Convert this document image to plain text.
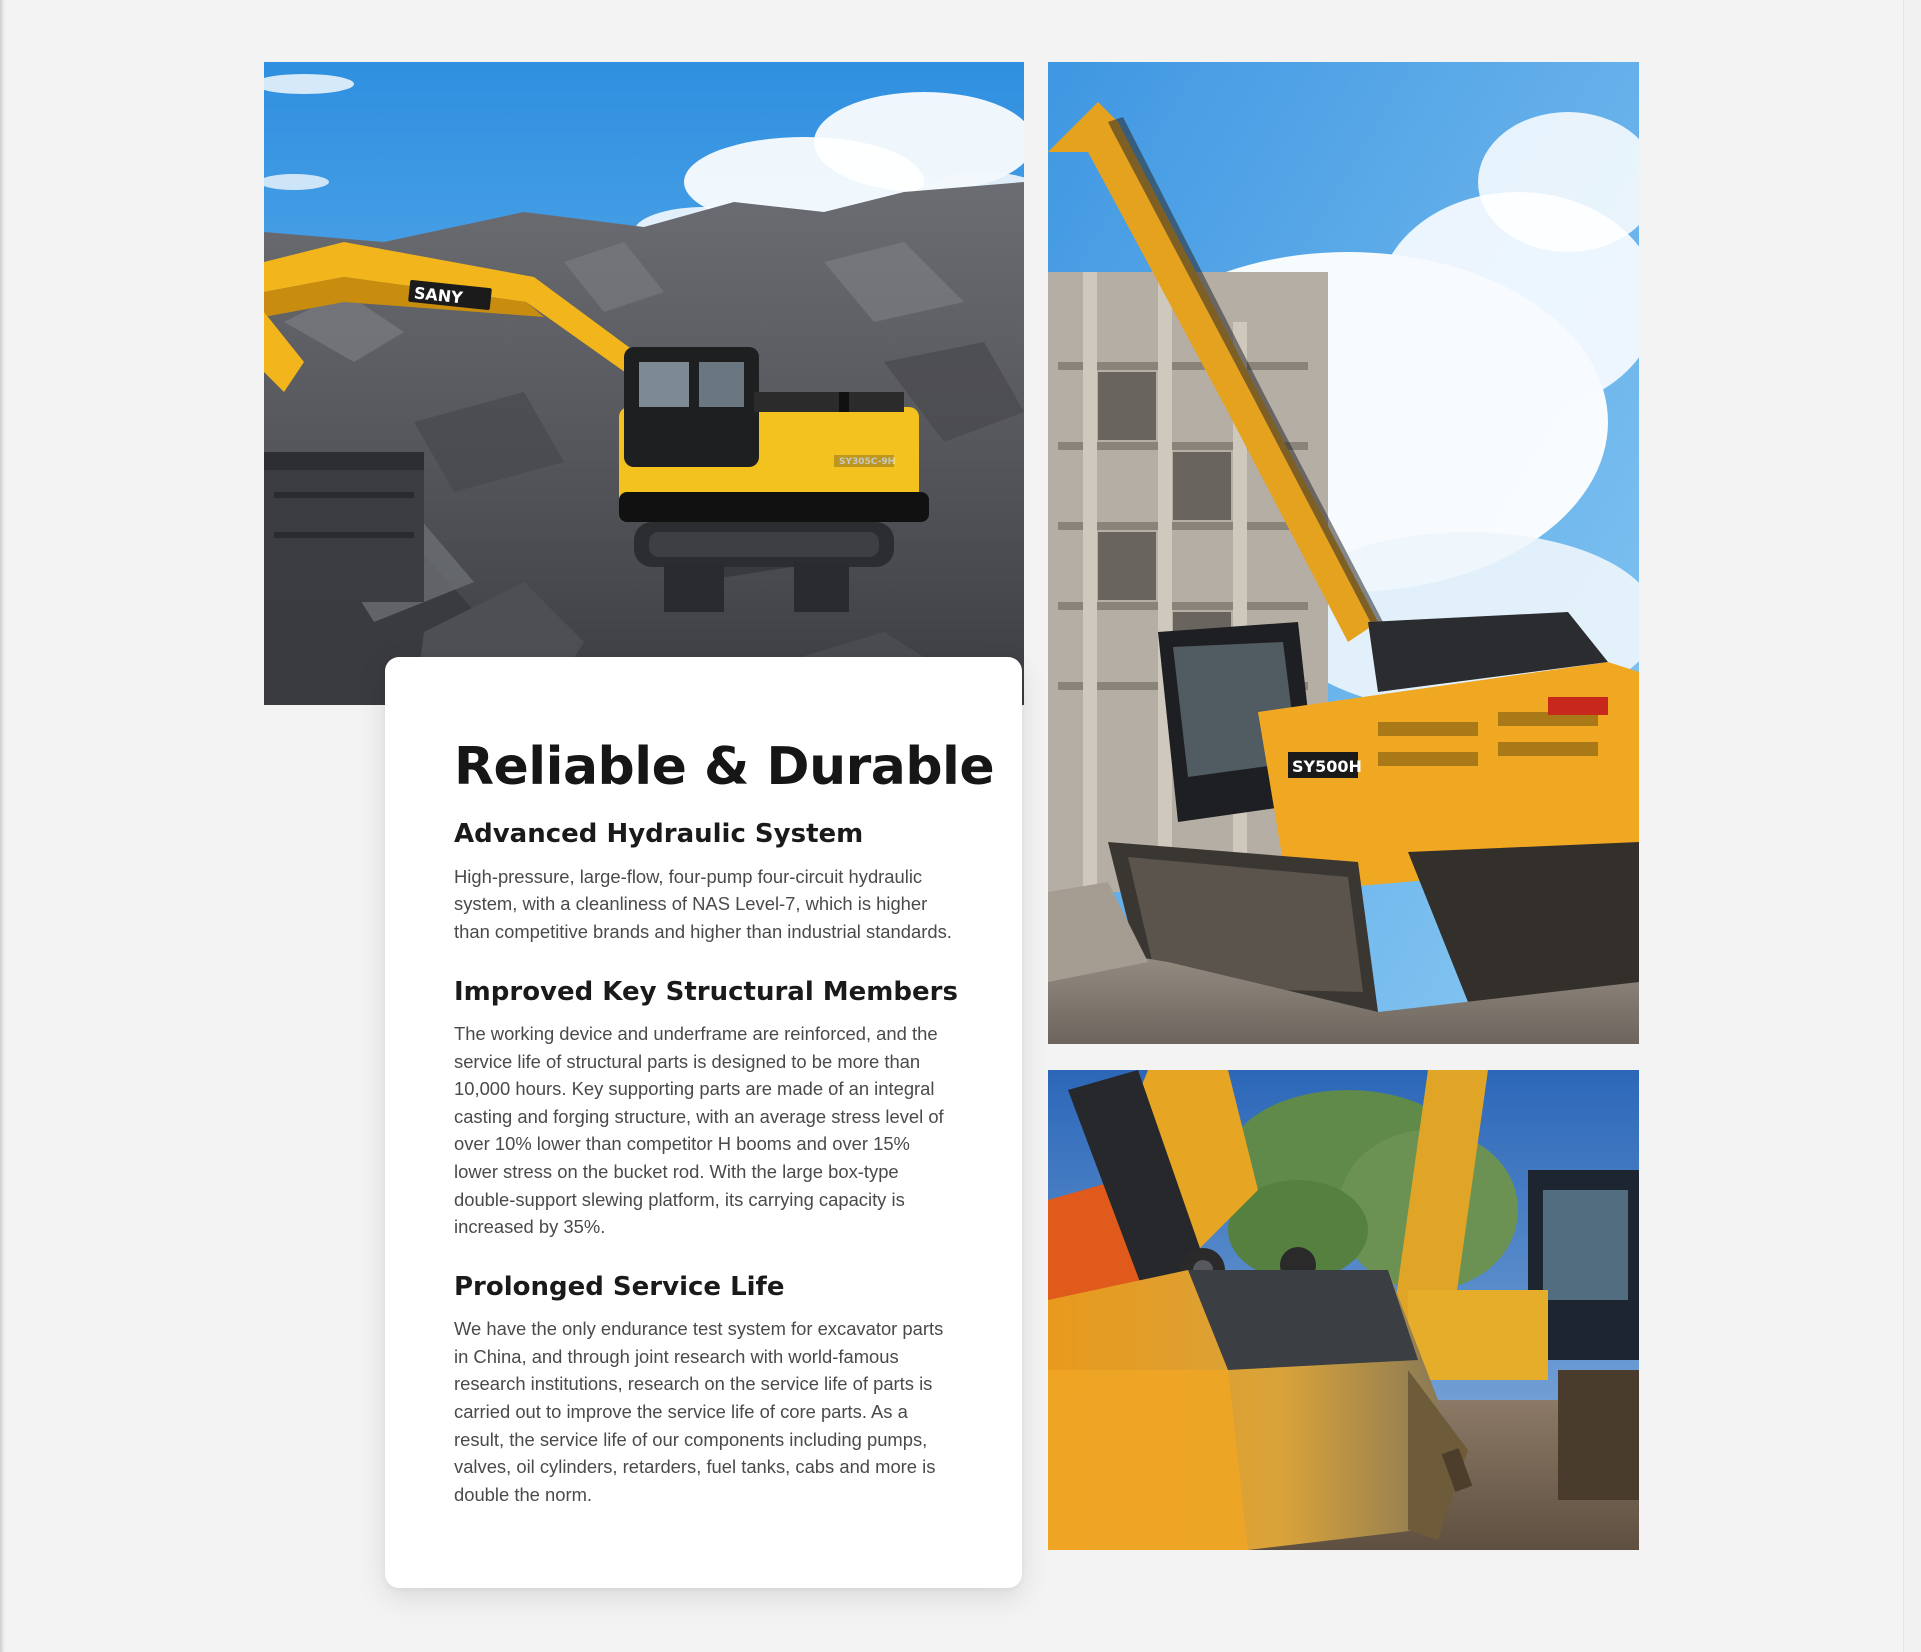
SANY
SY305C-9H
SY500H
Reliable & Durable
Advanced Hydraulic System

High-pressure, large-flow, four-pump four-circuit hydraulic system, with a cleanliness of NAS Level-7, which is higher than competitive brands and higher than industrial standards.

Improved Key Structural Members

The working device and underframe are reinforced, and the service life of structural parts is designed to be more than 10,000 hours. Key supporting parts are made of an integral casting and forging structure, with an average stress level of over 10% lower than competitor H booms and over 15% lower stress on the bucket rod. With the large box-type double-support slewing platform, its carrying capacity is increased by 35%.

Prolonged Service Life

We have the only endurance test system for excavator parts in China, and through joint research with world-famous research institutions, research on the service life of parts is carried out to improve the service life of core parts. As a result, the service life of our components including pumps, valves, oil cylinders, retarders, fuel tanks, cabs and more is double the norm.
